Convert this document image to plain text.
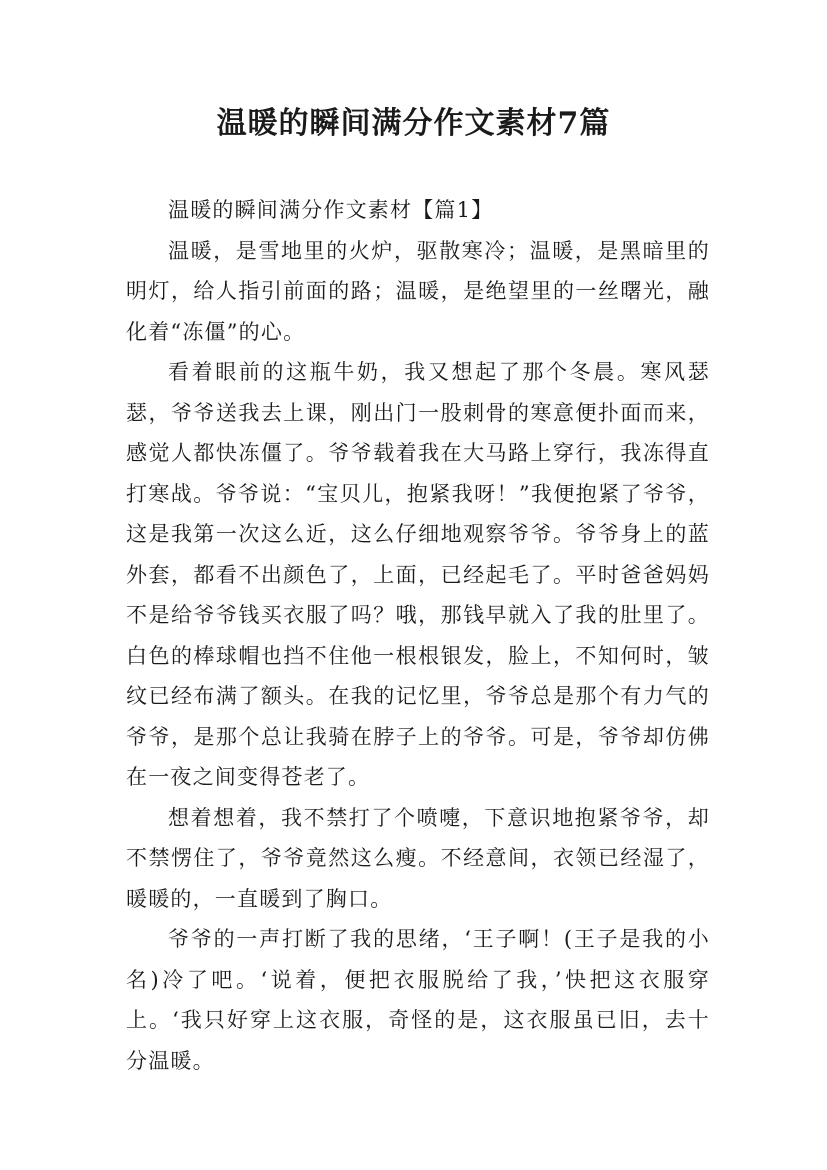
温暖的瞬间满分作文素材7篇

温暖的瞬间满分作文素材【篇1】

温暖，是雪地里的火炉，驱散寒冷；温暖，是黑暗里的明灯，给人指引前面的路；温暖，是绝望里的一丝曙光，融化着“冻僵”的心。

看着眼前的这瓶牛奶，我又想起了那个冬晨。寒风瑟瑟，爷爷送我去上课，刚出门一股刺骨的寒意便扑面而来，感觉人都快冻僵了。爷爷载着我在大马路上穿行，我冻得直打寒战。爷爷说：“宝贝儿，抱紧我呀！”我便抱紧了爷爷，这是我第一次这么近，这么仔细地观察爷爷。爷爷身上的蓝外套，都看不出颜色了，上面，已经起毛了。平时爸爸妈妈不是给爷爷钱买衣服了吗？哦，那钱早就入了我的肚里了。白色的棒球帽也挡不住他一根根银发，脸上，不知何时，皱纹已经布满了额头。在我的记忆里，爷爷总是那个有力气的爷爷，是那个总让我骑在脖子上的爷爷。可是，爷爷却仿佛在一夜之间变得苍老了。

想着想着，我不禁打了个喷嚏，下意识地抱紧爷爷，却不禁愣住了，爷爷竟然这么瘦。不经意间，衣领已经湿了，暖暖的，一直暖到了胸口。

爷爷的一声打断了我的思绪，‘王子啊！(王子是我的小名)冷了吧。‘说着，便把衣服脱给了我，’快把这衣服穿上。‘我只好穿上这衣服，奇怪的是，这衣服虽已旧，去十分温暖。
